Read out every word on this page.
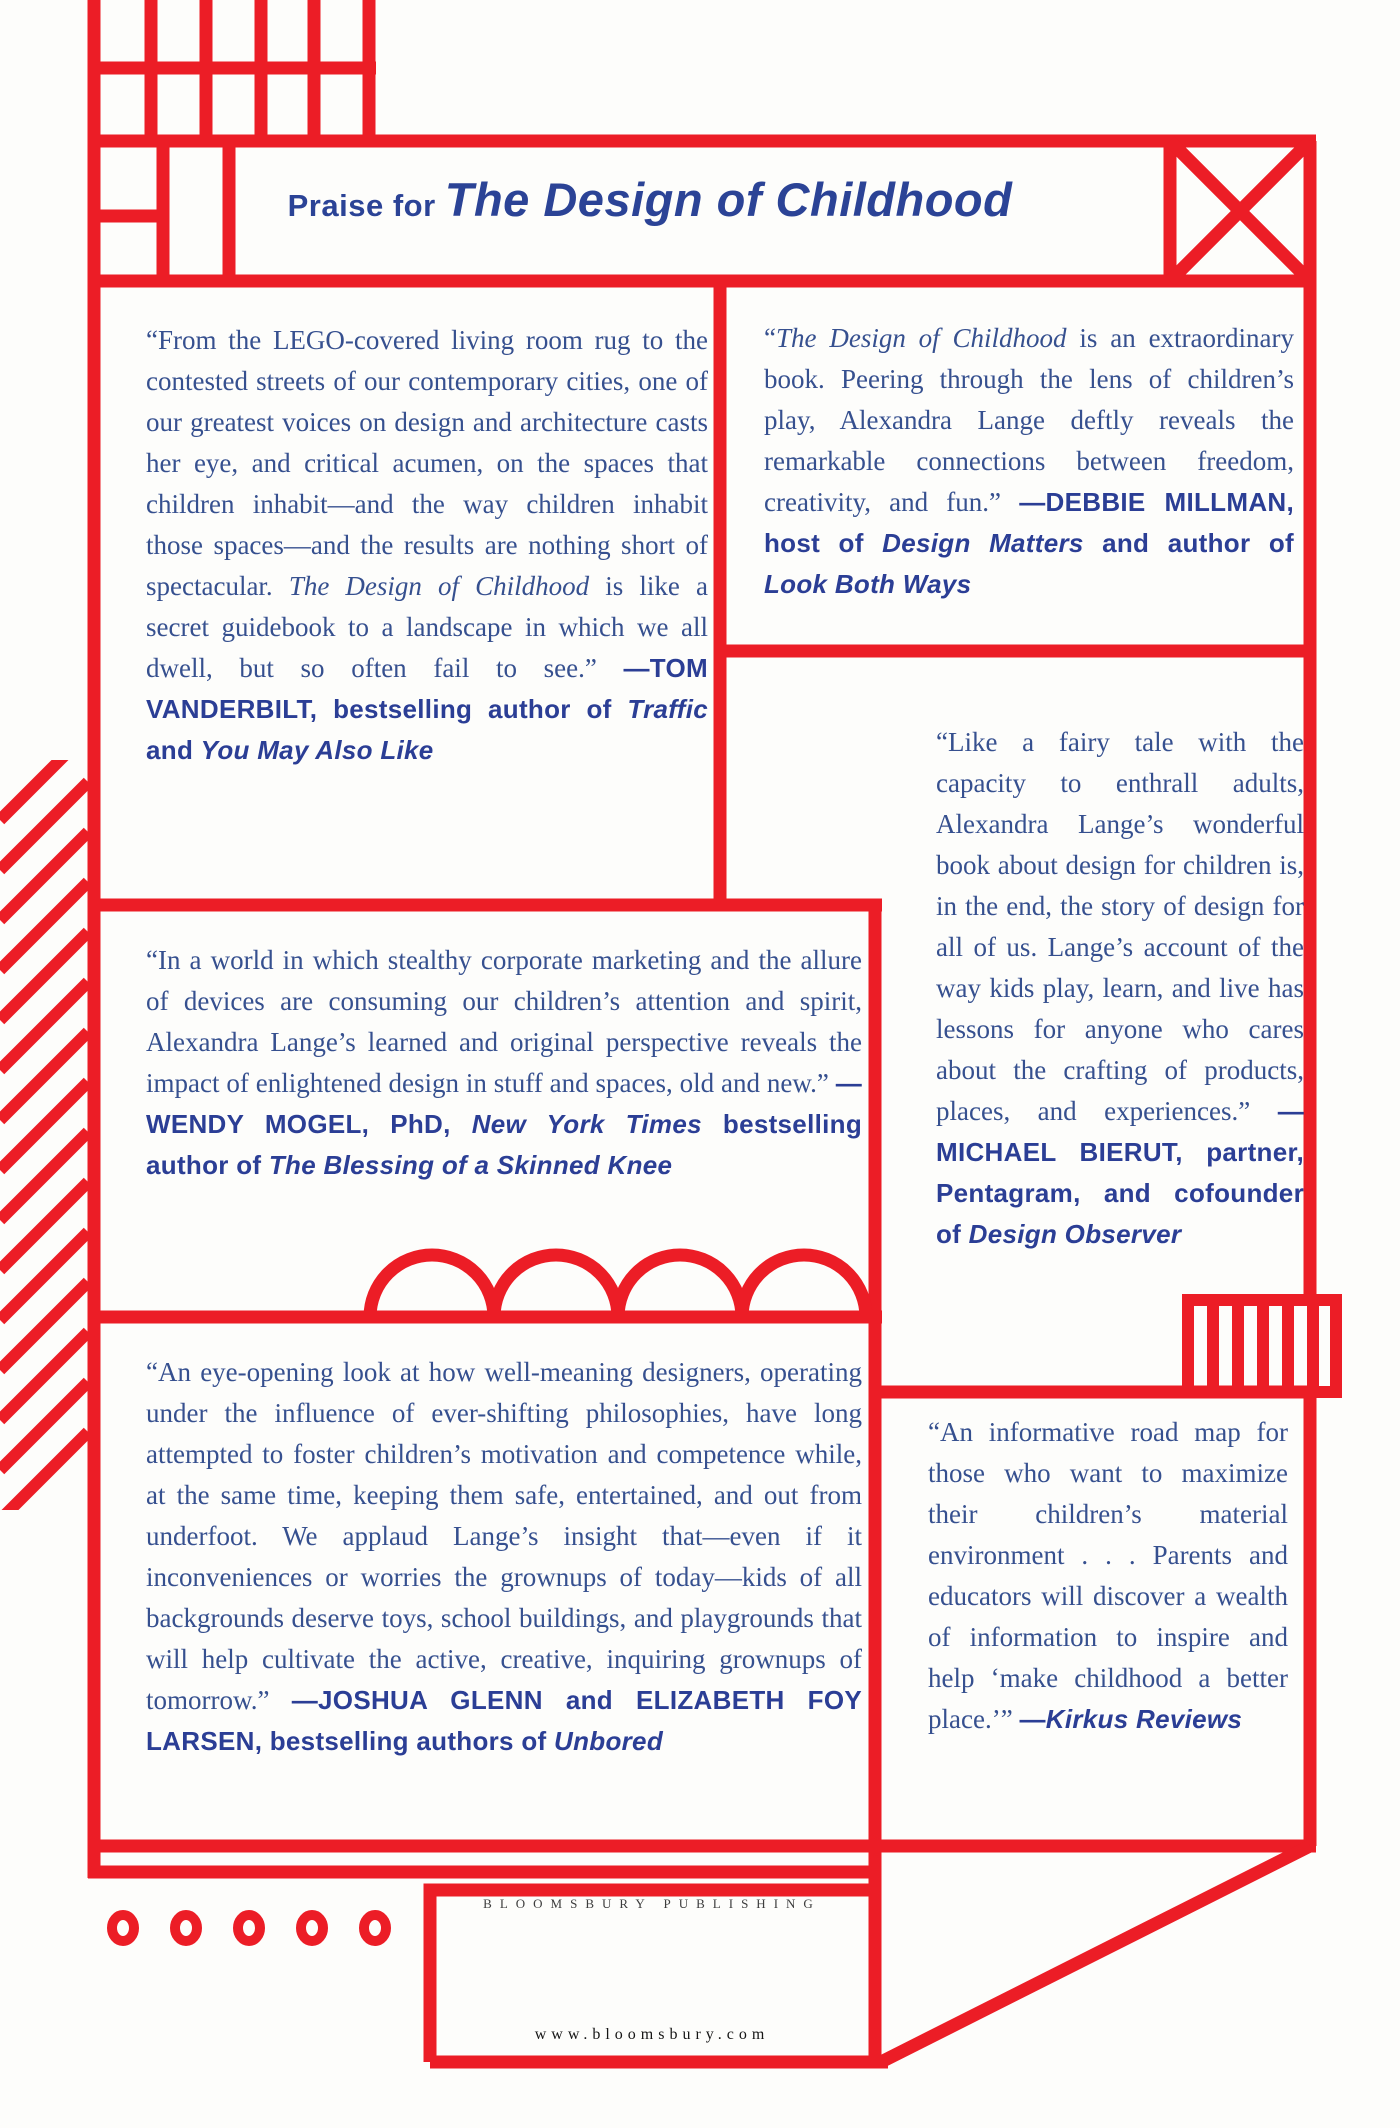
Praise for The Design of Childhood
“From the LEGO-covered living room rug to the contested streets of our contemporary cities, one of our greatest voices on design and architecture casts her eye, and critical acumen, on the spaces that children inhabit—and the way children inhabit those spaces—and the results are nothing short of spectacular. The Design of Childhood is like a secret guidebook to a landscape in which we all dwell, but so often fail to see.” —TOM VANDERBILT, bestselling author of Traffic and You May Also Like
“The Design of Childhood is an extraordinary book. Peering through the lens of children’s play, Alexandra Lange deftly reveals the remarkable connections between freedom, creativity, and fun.” —DEBBIE MILLMAN, host of Design Matters and author of Look Both Ways
“Like a fairy tale with the capacity to enthrall adults, Alexandra Lange’s wonderful book about design for children is, in the end, the story of design for all of us. Lange’s account of the way kids play, learn, and live has lessons for anyone who cares about the crafting of products, places, and experiences.” —MICHAEL BIERUT, partner, Pentagram, and cofounder of Design Observer
“In a world in which stealthy corporate marketing and the allure of devices are consuming our children’s attention and spirit, Alexandra Lange’s learned and original perspective reveals the impact of enlightened design in stuff and spaces, old and new.” —WENDY MOGEL, PhD, New York Times bestselling author of The Blessing of a Skinned Knee
“An eye-opening look at how well-meaning designers, operating under the influence of ever-shifting philosophies, have long attempted to foster children’s motivation and competence while, at the same time, keeping them safe, entertained, and out from underfoot. We applaud Lange’s insight that—even if it inconveniences or worries the grownups of today—kids of all backgrounds deserve toys, school buildings, and playgrounds that will help cultivate the active, creative, inquiring grownups of tomorrow.” —JOSHUA GLENN and ELIZABETH FOY LARSEN, bestselling authors of Unbored
“An informative road map for those who want to maximize their children’s material environment . . . Parents and educators will discover a wealth of information to inspire and help ‘make childhood a better place.’” —Kirkus Reviews
BLOOMSBURY PUBLISHING
www.bloomsbury.com
